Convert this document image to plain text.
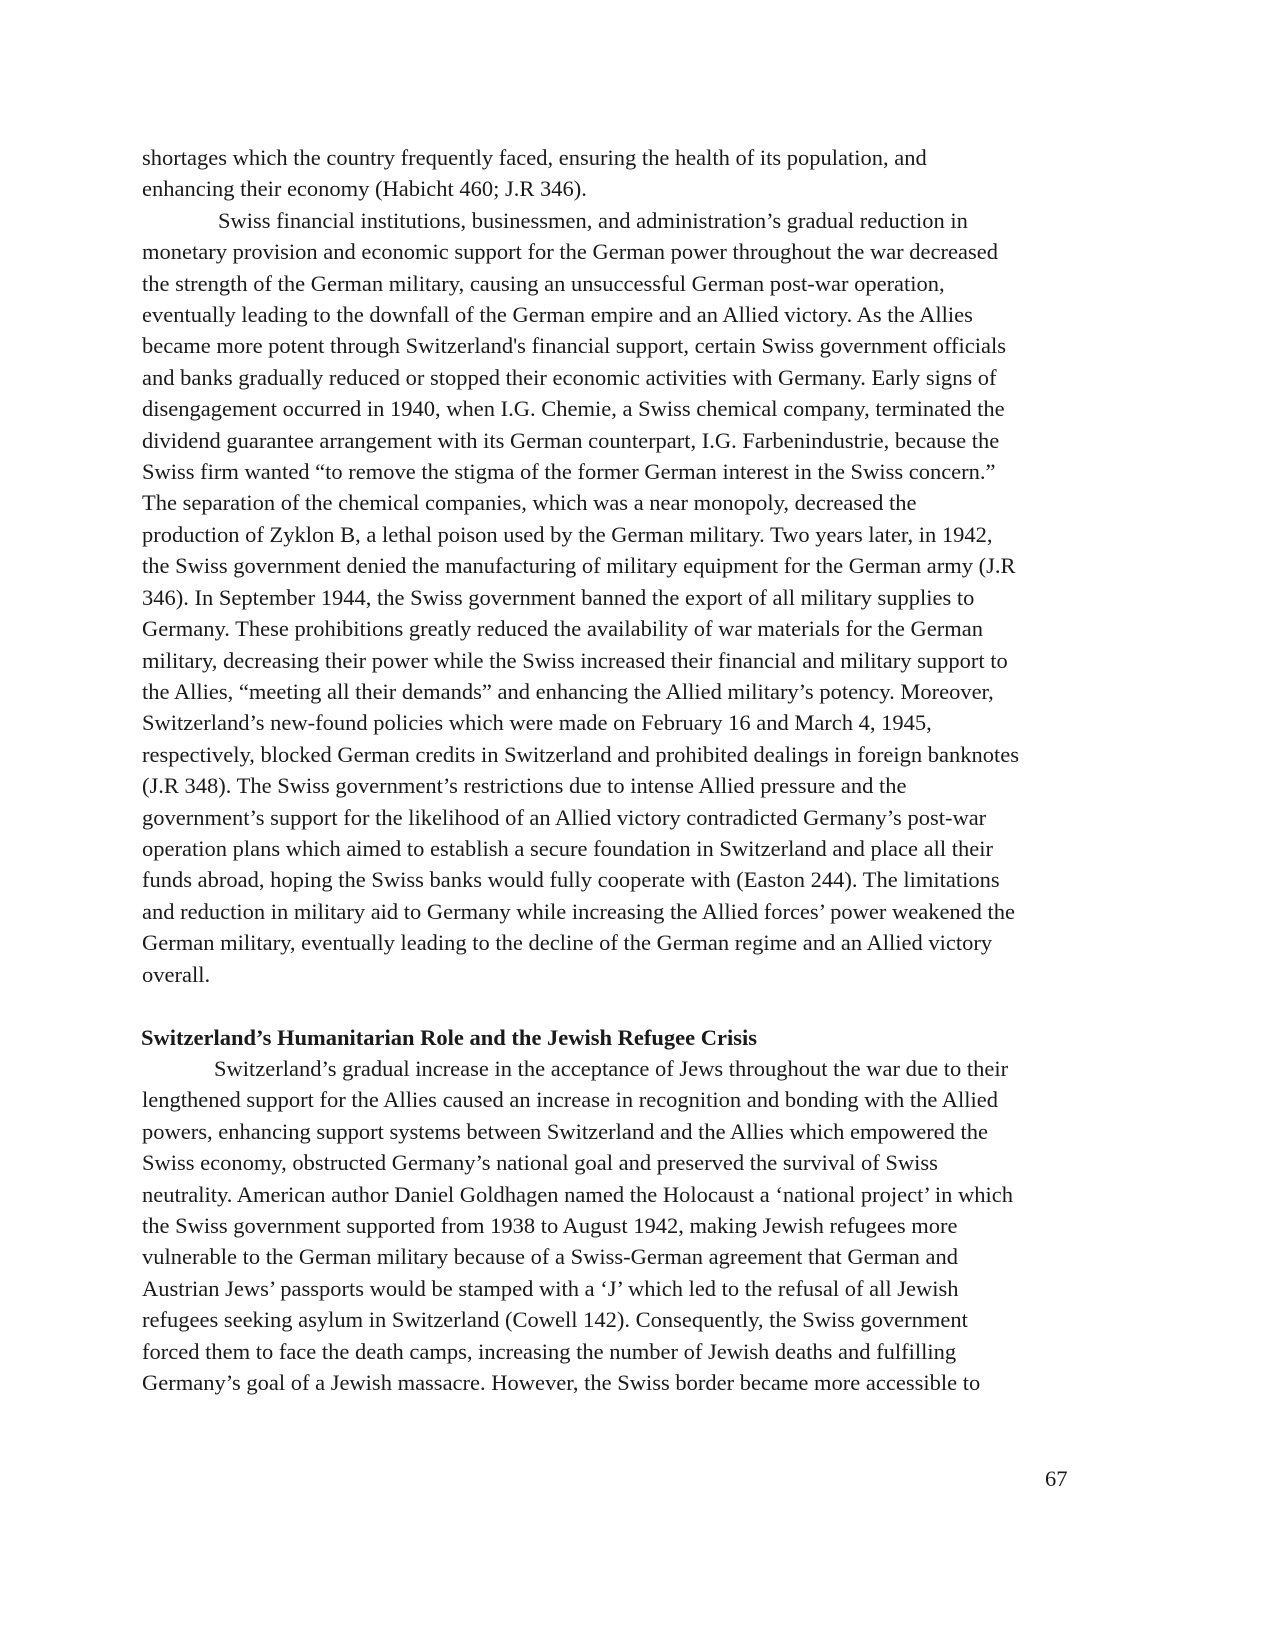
shortages which the country frequently faced, ensuring the health of its population, and
enhancing their economy (Habicht 460; J.R 346).
Swiss financial institutions, businessmen, and administration’s gradual reduction in
monetary provision and economic support for the German power throughout the war decreased
the strength of the German military, causing an unsuccessful German post-war operation,
eventually leading to the downfall of the German empire and an Allied victory. As the Allies
became more potent through Switzerland's financial support, certain Swiss government officials
and banks gradually reduced or stopped their economic activities with Germany. Early signs of
disengagement occurred in 1940, when I.G. Chemie, a Swiss chemical company, terminated the
dividend guarantee arrangement with its German counterpart, I.G. Farbenindustrie, because the
Swiss firm wanted “to remove the stigma of the former German interest in the Swiss concern.”
The separation of the chemical companies, which was a near monopoly, decreased the
production of Zyklon B, a lethal poison used by the German military. Two years later, in 1942,
the Swiss government denied the manufacturing of military equipment for the German army (J.R
346). In September 1944, the Swiss government banned the export of all military supplies to
Germany. These prohibitions greatly reduced the availability of war materials for the German
military, decreasing their power while the Swiss increased their financial and military support to
the Allies, “meeting all their demands” and enhancing the Allied military’s potency. Moreover,
Switzerland’s new-found policies which were made on February 16 and March 4, 1945,
respectively, blocked German credits in Switzerland and prohibited dealings in foreign banknotes
(J.R 348). The Swiss government’s restrictions due to intense Allied pressure and the
government’s support for the likelihood of an Allied victory contradicted Germany’s post-war
operation plans which aimed to establish a secure foundation in Switzerland and place all their
funds abroad, hoping the Swiss banks would fully cooperate with (Easton 244). The limitations
and reduction in military aid to Germany while increasing the Allied forces’ power weakened the
German military, eventually leading to the decline of the German regime and an Allied victory
overall.
Switzerland’s Humanitarian Role and the Jewish Refugee Crisis
Switzerland’s gradual increase in the acceptance of Jews throughout the war due to their
lengthened support for the Allies caused an increase in recognition and bonding with the Allied
powers, enhancing support systems between Switzerland and the Allies which empowered the
Swiss economy, obstructed Germany’s national goal and preserved the survival of Swiss
neutrality. American author Daniel Goldhagen named the Holocaust a ‘national project’ in which
the Swiss government supported from 1938 to August 1942, making Jewish refugees more
vulnerable to the German military because of a Swiss-German agreement that German and
Austrian Jews’ passports would be stamped with a ‘J’ which led to the refusal of all Jewish
refugees seeking asylum in Switzerland (Cowell 142). Consequently, the Swiss government
forced them to face the death camps, increasing the number of Jewish deaths and fulfilling
Germany’s goal of a Jewish massacre. However, the Swiss border became more accessible to
67
